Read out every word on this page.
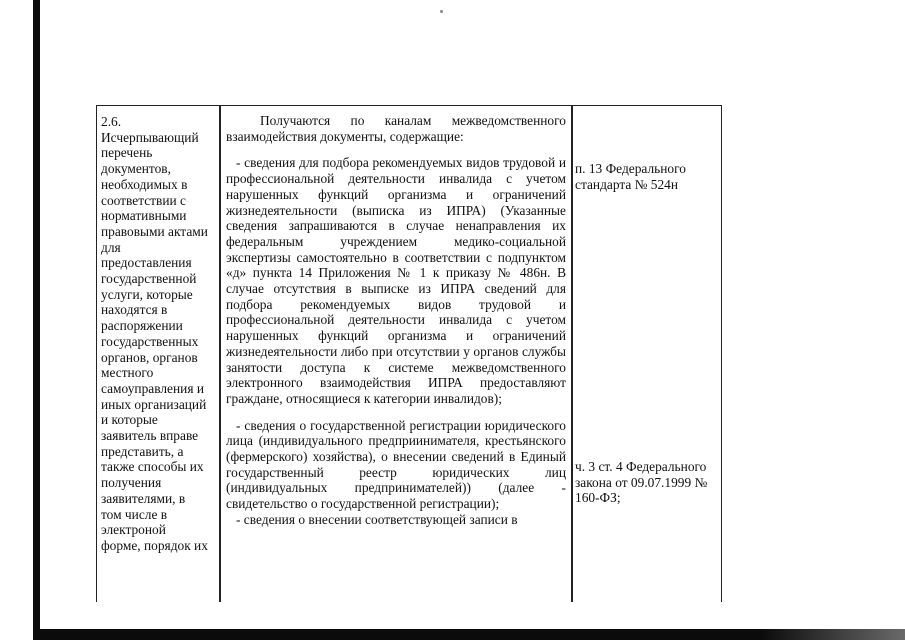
2.6.
Исчерпывающий
перечень
документов,
необходимых в
соответствии с
нормативными
правовыми актами
для
предоставления
государственной
услуги, которые
находятся в
распоряжении
государственных
органов, органов
местного
самоуправления и
иных организаций
и которые
заявитель вправе
представить, а
также способы их
получения
заявителями, в
том числе в
электроной
форме, порядок их

Получаются по каналам межведомственного взаимодействия документы, содержащие:

- сведения для подбора рекомендуемых видов трудовой и профессиональной деятельности инвалида с учетом нарушенных функций организма и ограничений жизнедеятельности (выписка из ИПРА) (Указанные сведения запрашиваются в случае ненаправления их федеральным учреждением медико-социальной экспертизы самостоятельно в соответствии с подпунктом «д» пункта 14 Приложения № 1 к приказу № 486н. В случае отсутствия в выписке из ИПРА сведений для подбора рекомендуемых видов трудовой и профессиональной деятельности инвалида с учетом нарушенных функций организма и ограничений жизнедеятельности либо при отсутствии у органов службы занятости доступа к системе межведомственного электронного взаимодействия ИПРА предоставляют граждане, относящиеся к категории инвалидов);

- сведения о государственной регистрации юридического лица (индивидуального предприинимателя, крестьянского (фермерского) хозяйства), о внесении сведений в Единый государственный реестр юридических лиц (индивидуальных предпринимателей)) (далее - свидетельство о государственной регистрации);

- сведения о внесении соответствующей записи в

п. 13 Федерального стандарта № 524н
ч. 3 ст. 4 Федерального закона от 09.07.1999 № 160-ФЗ;
